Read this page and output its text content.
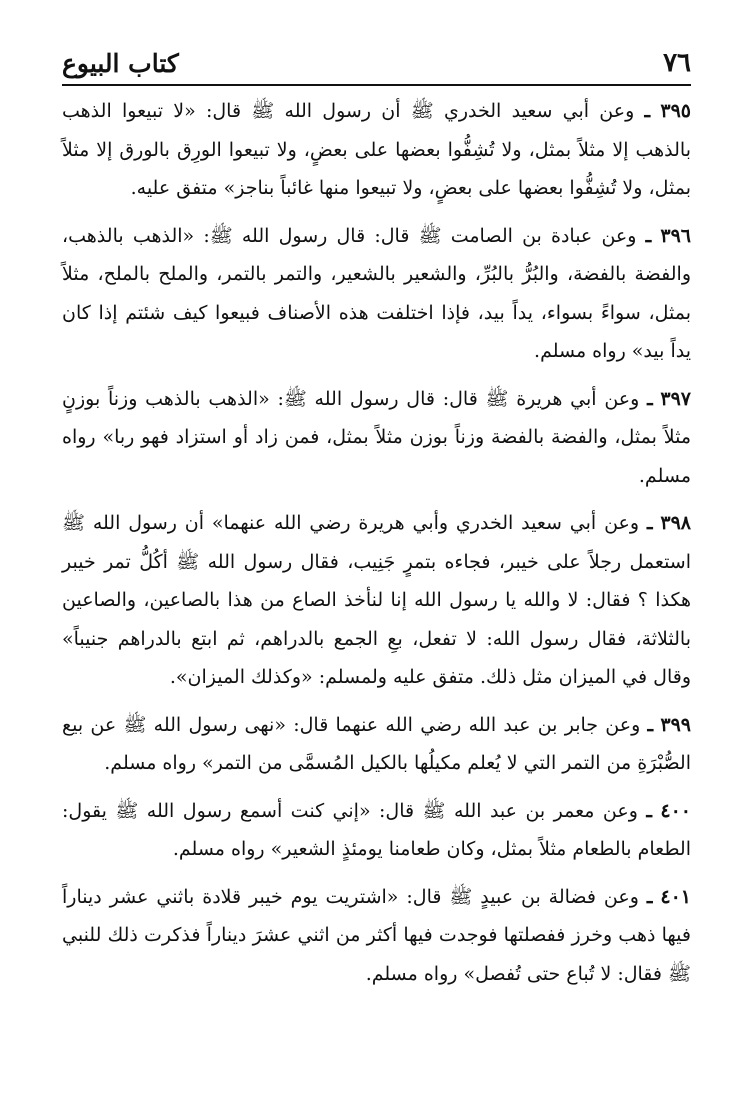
كتاب البيوع	٧٦

٣٩٥ ـ وعن أبي سعيد الخدري ﷺ أن رسول الله ﷺ قال: «لا تبيعوا الذهب بالذهب إلا مثلاً بمثل، ولا تُشِفُّوا بعضها على بعضٍ، ولا تبيعوا الورِق بالورق إلا مثلاً بمثل، ولا تُشِفُّوا بعضها على بعضٍ، ولا تبيعوا منها غائباً بناجز» متفق عليه.

٣٩٦ ـ وعن عبادة بن الصامت ﷺ قال: قال رسول الله ﷺ: «الذهب بالذهب، والفضة بالفضة، والبُرُّ بالبُرِّ، والشعير بالشعير، والتمر بالتمر، والملح بالملح، مثلاً بمثل، سواءً بسواء، يداً بيد، فإذا اختلفت هذه الأصناف فبيعوا كيف شئتم إذا كان يداً بيد» رواه مسلم.

٣٩٧ ـ وعن أبي هريرة ﷺ قال: قال رسول الله ﷺ: «الذهب بالذهب وزناً بوزنٍ مثلاً بمثل، والفضة بالفضة وزناً بوزن مثلاً بمثل، فمن زاد أو استزاد فهو ربا» رواه مسلم.

٣٩٨ ـ وعن أبي سعيد الخدري وأبي هريرة رضي الله عنهما» أن رسول الله ﷺ استعمل رجلاً على خيبر، فجاءه بتمرٍ جَنِيب، فقال رسول الله ﷺ أكُلُّ تمر خيبر هكذا ؟ فقال: لا والله يا رسول الله إنا لنأخذ الصاع من هذا بالصاعين، والصاعين بالثلاثة، فقال رسول الله: لا تفعل، بعِ الجمع بالدراهم، ثم ابتع بالدراهم جنيباً» وقال في الميزان مثل ذلك. متفق عليه ولمسلم: «وكذلك الميزان».

٣٩٩ ـ وعن جابر بن عبد الله رضي الله عنهما قال: «نهى رسول الله ﷺ عن بيع الصُّبْرَةِ من التمر التي لا يُعلم مكيلُها بالكيل المُسمَّى من التمر» رواه مسلم.

٤٠٠ ـ وعن معمر بن عبد الله ﷺ قال: «إني كنت أسمع رسول الله ﷺ يقول: الطعام بالطعام مثلاً بمثل، وكان طعامنا يومئذٍ الشعير» رواه مسلم.

٤٠١ ـ وعن فضالة بن عبيدٍ ﷺ قال: «اشتريت يوم خيبر قلادة باثني عشر ديناراً فيها ذهب وخرز ففصلتها فوجدت فيها أكثر من اثني عشرَ ديناراً فذكرت ذلك للنبي ﷺ فقال: لا تُباع حتى تُفصل» رواه مسلم.
